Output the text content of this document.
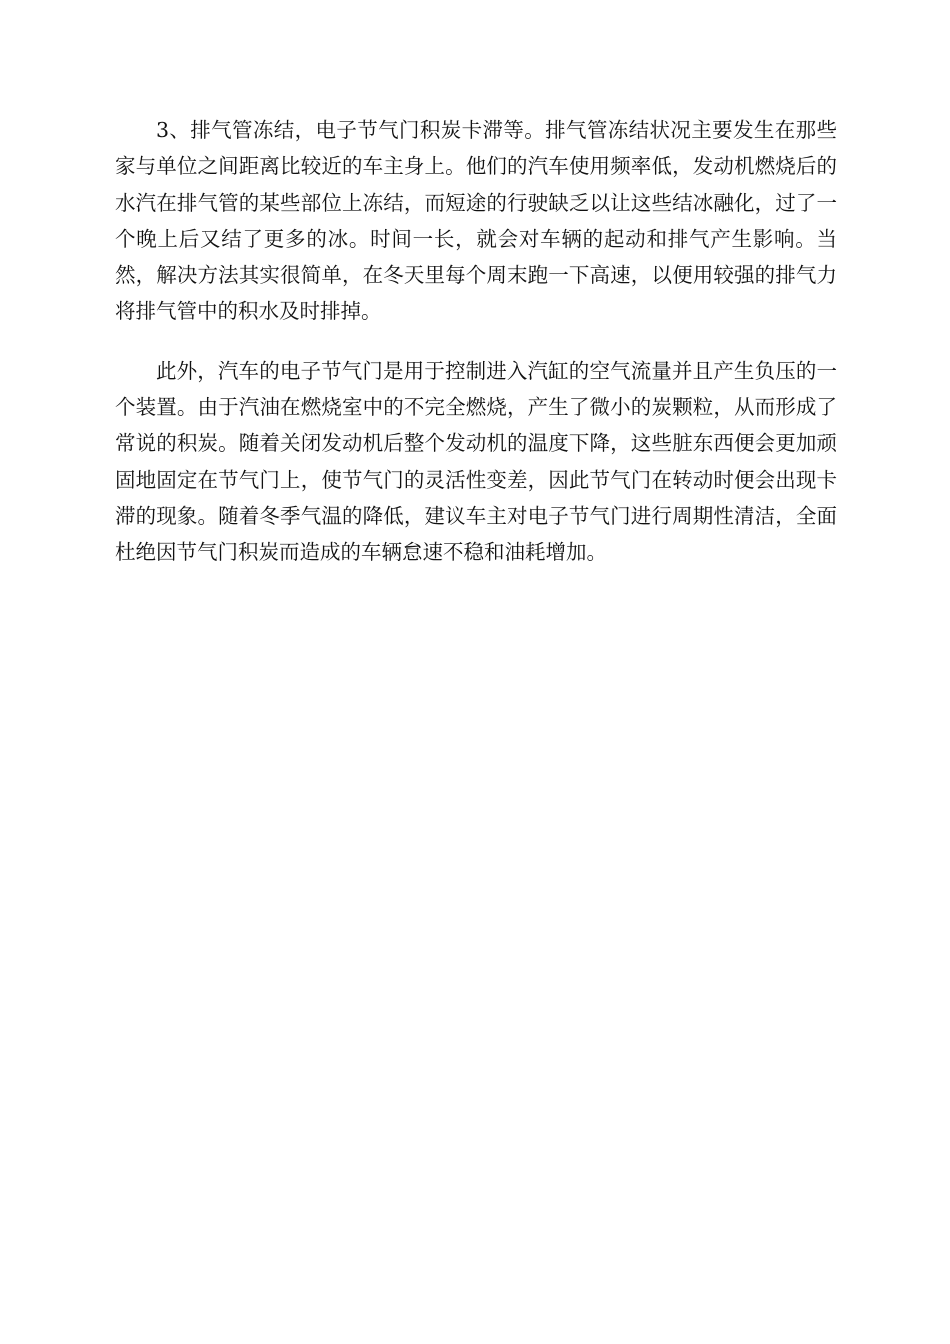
3、排气管冻结，电子节气门积炭卡滞等。排气管冻结状况主要发生在那些家与单位之间距离比较近的车主身上。他们的汽车使用频率低，发动机燃烧后的水汽在排气管的某些部位上冻结，而短途的行驶缺乏以让这些结冰融化，过了一个晚上后又结了更多的冰。时间一长，就会对车辆的起动和排气产生影响。当然，解决方法其实很简单，在冬天里每个周末跑一下高速，以便用较强的排气力将排气管中的积水及时排掉。

此外，汽车的电子节气门是用于控制进入汽缸的空气流量并且产生负压的一个装置。由于汽油在燃烧室中的不完全燃烧，产生了微小的炭颗粒，从而形成了常说的积炭。随着关闭发动机后整个发动机的温度下降，这些脏东西便会更加顽固地固定在节气门上，使节气门的灵活性变差，因此节气门在转动时便会出现卡滞的现象。随着冬季气温的降低，建议车主对电子节气门进行周期性清洁，全面杜绝因节气门积炭而造成的车辆怠速不稳和油耗增加。
